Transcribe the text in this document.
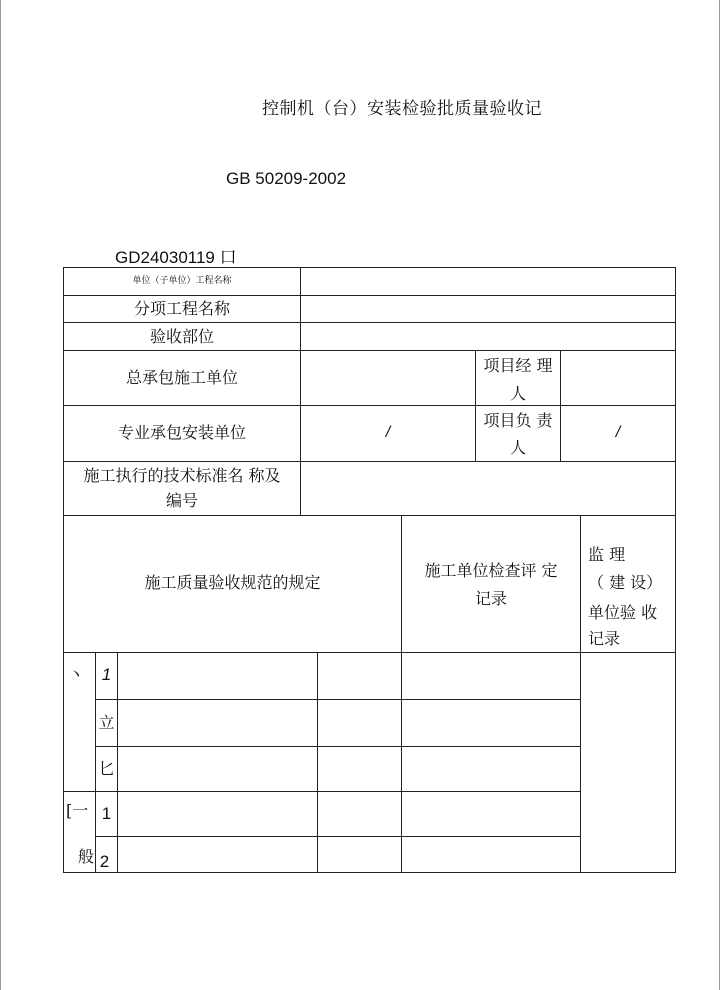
控制机（台）安装检验批质量验收记
GB 50209-2002
GD24030119 口
单位（子单位）工程名称
分项工程名称
验收部位
总承包施工单位
项目经 理
人
专业承包安装单位	/
项目负 责
人
/
施工执行的技术标准名 称及
编号
施工质量验收规范的规定
施工单位检查评 定
记录
监 理
（ 建 设）
单位验 收
记录
丶	1
立
匕
[一
般
1
2
